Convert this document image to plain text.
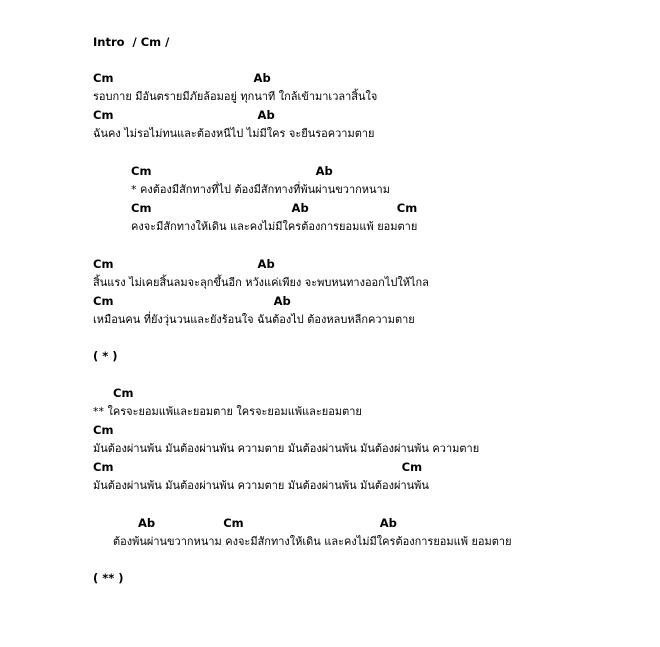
Intro  / Cm /
Cm                                   Ab
รอบกาย มีอันตรายมีภัยล้อมอยู่ ทุกนาที ใกล้เข้ามาเวลาสิ้นใจ
Cm                                    Ab
ฉันคง ไม่รอไม่ทนและต้องหนีไป ไม่มีใคร จะยืนรอความตาย
Cm                                         Ab
* คงต้องมีสักทางที่ไป ต้องมีสักทางที่พ้นผ่านขวากหนาม
Cm                                   Ab                      Cm
คงจะมีสักทางให้เดิน และคงไม่มีใครต้องการยอมแพ้ ยอมตาย
Cm                                    Ab
สิ้นแรง ไม่เคยสิ้นลมจะลุกขึ้นอีก หวังแค่เพียง จะพบหนทางออกไปให้ไกล
Cm                                        Ab
เหมือนคน ที่ยังวุ่นวนและยังร้อนใจ ฉันต้องไป ต้องหลบหลีกความตาย
( * )
Cm
** ใครจะยอมแพ้และยอมตาย ใครจะยอมแพ้และยอมตาย
Cm
มันต้องผ่านพ้น มันต้องผ่านพ้น ความตาย มันต้องผ่านพ้น มันต้องผ่านพ้น ความตาย
Cm                                                                        Cm
มันต้องผ่านพ้น มันต้องผ่านพ้น ความตาย มันต้องผ่านพ้น มันต้องผ่านพ้น
Ab                 Cm                                  Ab
ต้องพ้นผ่านขวากหนาม คงจะมีสักทางให้เดิน และคงไม่มีใครต้องการยอมแพ้ ยอมตาย
( ** )
